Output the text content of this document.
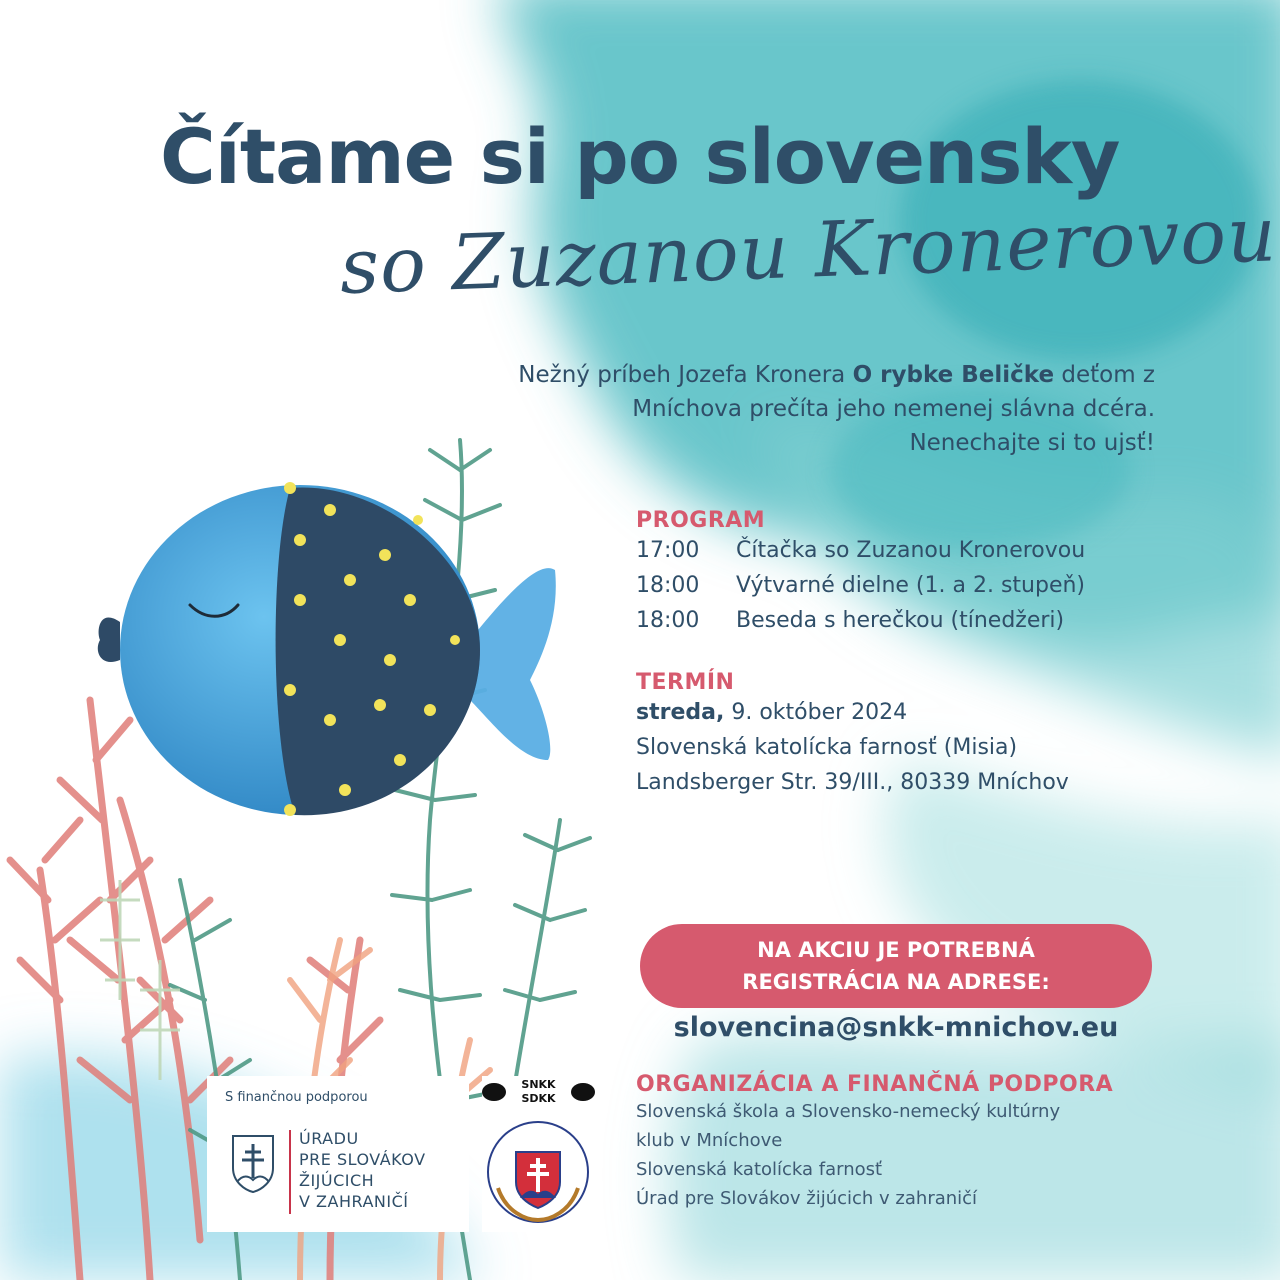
Čítame si po slovensky
so Zuzanou Kronerovou
Nežný príbeh Jozefa Kronera O rybke Beličke deťom z
Mníchova prečíta jeho nemenej slávna dcéra.
Nenechajte si to ujsť!
PROGRAM
17:00	Čítačka so Zuzanou Kronerovou
18:00	Výtvarné dielne (1. a 2. stupeň)
18:00	Beseda s herečkou (tínedžeri)
TERMÍN
streda, 9. október 2024
Slovenská katolícka farnosť (Misia)
Landsberger Str. 39/III., 80339 Mníchov
NA AKCIU JE POTREBNÁ
REGISTRÁCIA NA ADRESE:
slovencina@snkk-mnichov.eu
ORGANIZÁCIA A FINANČNÁ PODPORA
Slovenská škola a Slovensko-nemecký kultúrny
klub v Mníchove
Slovenská katolícka farnosť
Úrad pre Slovákov žijúcich v zahraničí
S finančnou podporou
ÚRADU
PRE SLOVÁKOV
ŽIJÚCICH
V ZAHRANIČÍ
SNKK
SDKK
